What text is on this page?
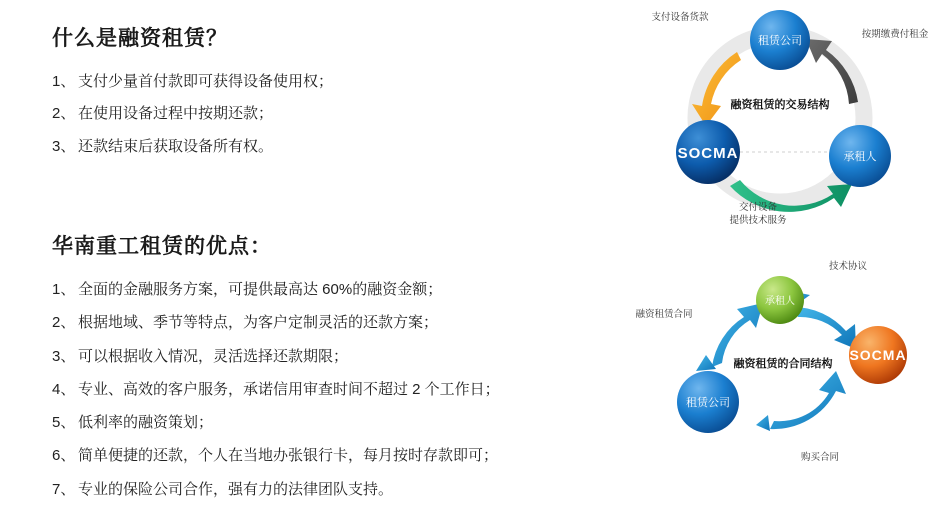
什么是融资租赁？
1、 支付少量首付款即可获得设备使用权；
2、 在使用设备过程中按期还款；
3、 还款结束后获取设备所有权。
华南重工租赁的优点：
1、 全面的金融服务方案，可提供最高达 60%的融资金额；
2、 根据地域、季节等特点，为客户定制灵活的还款方案；
3、 可以根据收入情况，灵活选择还款期限；
4、 专业、高效的客户服务，承诺信用审查时间不超过 2 个工作日；
5、 低利率的融资策划；
6、 简单便捷的还款，个人在当地办张银行卡，每月按时存款即可；
7、 专业的保险公司合作，强有力的法律团队支持。
租赁公司
SOCMA	承租人
融资租赁的交易结构
支付设备货款
按期缴费付租金
交付设备
提供技术服务
承租人
SOCMA
租赁公司
融资租赁的合同结构
技术协议
融资租赁合同
购买合同
